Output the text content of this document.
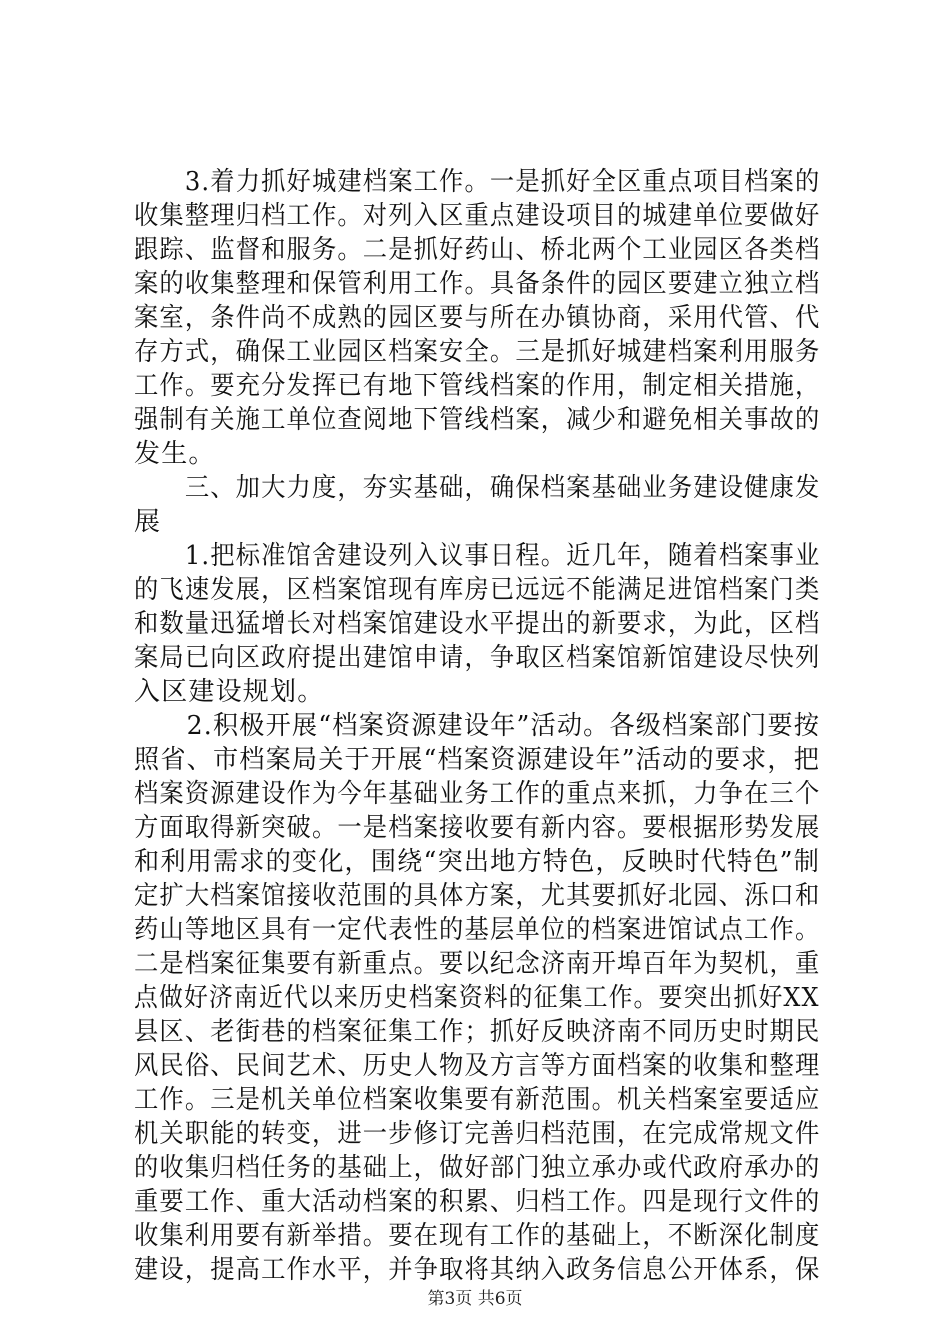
　　3.着力抓好城建档案工作。一是抓好全区重点项目档案的
收集整理归档工作。对列入区重点建设项目的城建单位要做好
跟踪、监督和服务。二是抓好药山、桥北两个工业园区各类档
案的收集整理和保管利用工作。具备条件的园区要建立独立档
案室，条件尚不成熟的园区要与所在办镇协商，采用代管、代
存方式，确保工业园区档案安全。三是抓好城建档案利用服务
工作。要充分发挥已有地下管线档案的作用，制定相关措施，
强制有关施工单位查阅地下管线档案，减少和避免相关事故的
发生。
　　三、加大力度，夯实基础，确保档案基础业务建设健康发
展
　　1.把标准馆舍建设列入议事日程。近几年，随着档案事业
的飞速发展，区档案馆现有库房已远远不能满足进馆档案门类
和数量迅猛增长对档案馆建设水平提出的新要求，为此，区档
案局已向区政府提出建馆申请，争取区档案馆新馆建设尽快列
入区建设规划。
　　2.积极开展“档案资源建设年”活动。各级档案部门要按
照省、市档案局关于开展“档案资源建设年”活动的要求，把
档案资源建设作为今年基础业务工作的重点来抓，力争在三个
方面取得新突破。一是档案接收要有新内容。要根据形势发展
和利用需求的变化，围绕“突出地方特色，反映时代特色”制
定扩大档案馆接收范围的具体方案，尤其要抓好北园、泺口和
药山等地区具有一定代表性的基层单位的档案进馆试点工作。
二是档案征集要有新重点。要以纪念济南开埠百年为契机，重
点做好济南近代以来历史档案资料的征集工作。要突出抓好XX
县区、老街巷的档案征集工作；抓好反映济南不同历史时期民
风民俗、民间艺术、历史人物及方言等方面档案的收集和整理
工作。三是机关单位档案收集要有新范围。机关档案室要适应
机关职能的转变，进一步修订完善归档范围，在完成常规文件
的收集归档任务的基础上，做好部门独立承办或代政府承办的
重要工作、重大活动档案的积累、归档工作。四是现行文件的
收集利用要有新举措。要在现有工作的基础上，不断深化制度
建设，提高工作水平，并争取将其纳入政务信息公开体系，保
第3页 共6页
